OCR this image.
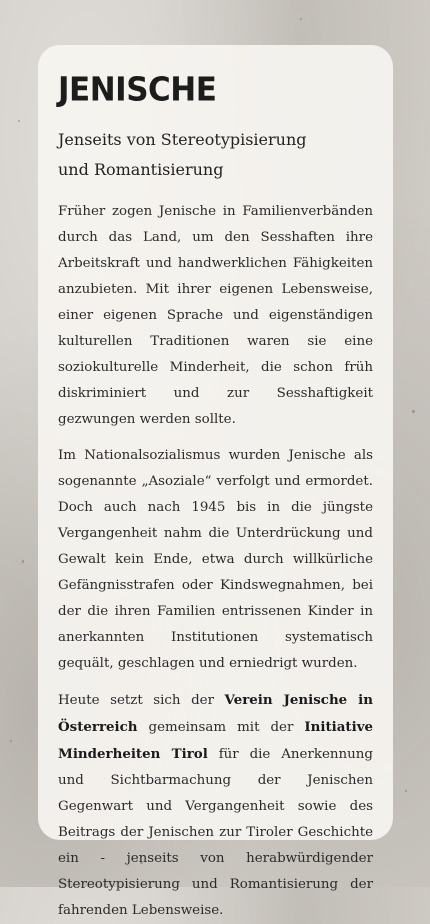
JENISCHE
Jenseits von Stereotypisierung
und Romantisierung

Früher zogen Jenische in Familienverbänden durch das Land, um den Sesshaften ihre Arbeitskraft und handwerklichen Fähigkeiten anzubieten. Mit ihrer eigenen Lebensweise, einer eigenen Sprache und eigenständigen kulturellen Traditionen waren sie eine soziokulturelle Minderheit, die schon früh diskriminiert und zur Sesshaftigkeit gezwungen werden sollte.

Im Nationalsozialismus wurden Jenische als sogenannte „Asoziale“ verfolgt und ermordet. Doch auch nach 1945 bis in die jüngste Vergangenheit nahm die Unterdrückung und Gewalt kein Ende, etwa durch willkürliche Gefängnisstrafen oder Kindswegnahmen, bei der die ihren Familien entrissenen Kinder in anerkannten Institutionen systematisch gequält, geschlagen und erniedrigt wurden.

Heute setzt sich der Verein Jenische in Österreich gemeinsam mit der Initiative Minderheiten Tirol für die Anerkennung und Sichtbarmachung der Jenischen Gegenwart und Vergangenheit sowie des Beitrags der Jenischen zur Tiroler Geschichte ein - jenseits von herabwürdigender Stereotypisierung und Romantisierung der fahrenden Lebensweise.
